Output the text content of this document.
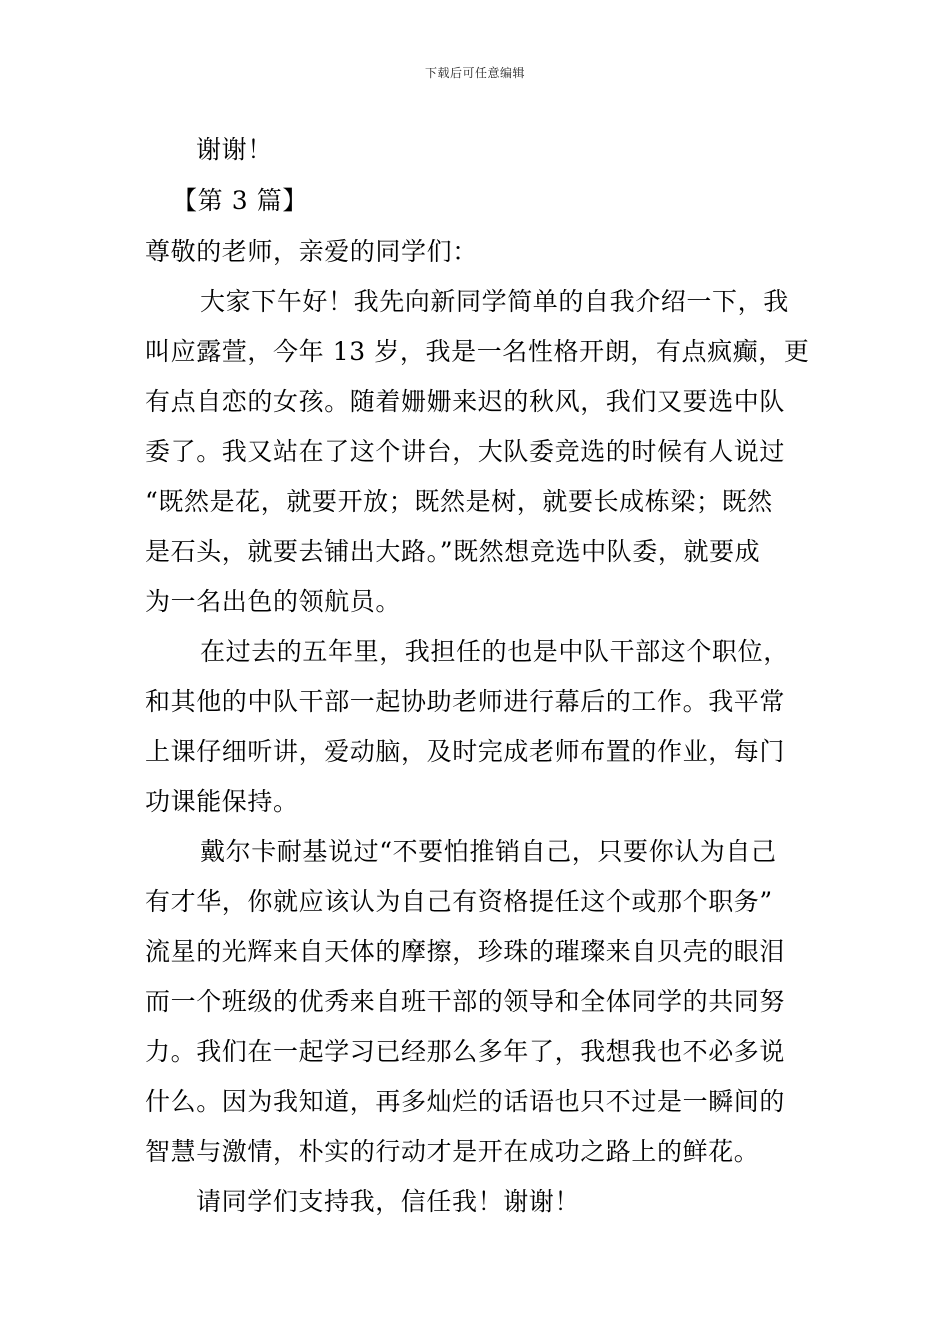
下载后可任意编辑
谢谢！
【第 3 篇】
尊敬的老师，亲爱的同学们：
大家下午好！我先向新同学简单的自我介绍一下，我
叫应露萱，今年 13 岁，我是一名性格开朗，有点疯癫，更
有点自恋的女孩。随着姗姗来迟的秋风，我们又要选中队
委了。我又站在了这个讲台，大队委竞选的时候有人说过
“既然是花，就要开放；既然是树，就要长成栋梁；既然
是石头，就要去铺出大路。”既然想竞选中队委，就要成
为一名出色的领航员。
在过去的五年里，我担任的也是中队干部这个职位，
和其他的中队干部一起协助老师进行幕后的工作。我平常
上课仔细听讲，爱动脑，及时完成老师布置的作业，每门
功课能保持。
戴尔卡耐基说过“不要怕推销自己，只要你认为自己
有才华，你就应该认为自己有资格提任这个或那个职务”
流星的光辉来自天体的摩擦，珍珠的璀璨来自贝壳的眼泪
而一个班级的优秀来自班干部的领导和全体同学的共同努
力。我们在一起学习已经那么多年了，我想我也不必多说
什么。因为我知道，再多灿烂的话语也只不过是一瞬间的
智慧与激情，朴实的行动才是开在成功之路上的鲜花。
请同学们支持我，信任我！谢谢！
